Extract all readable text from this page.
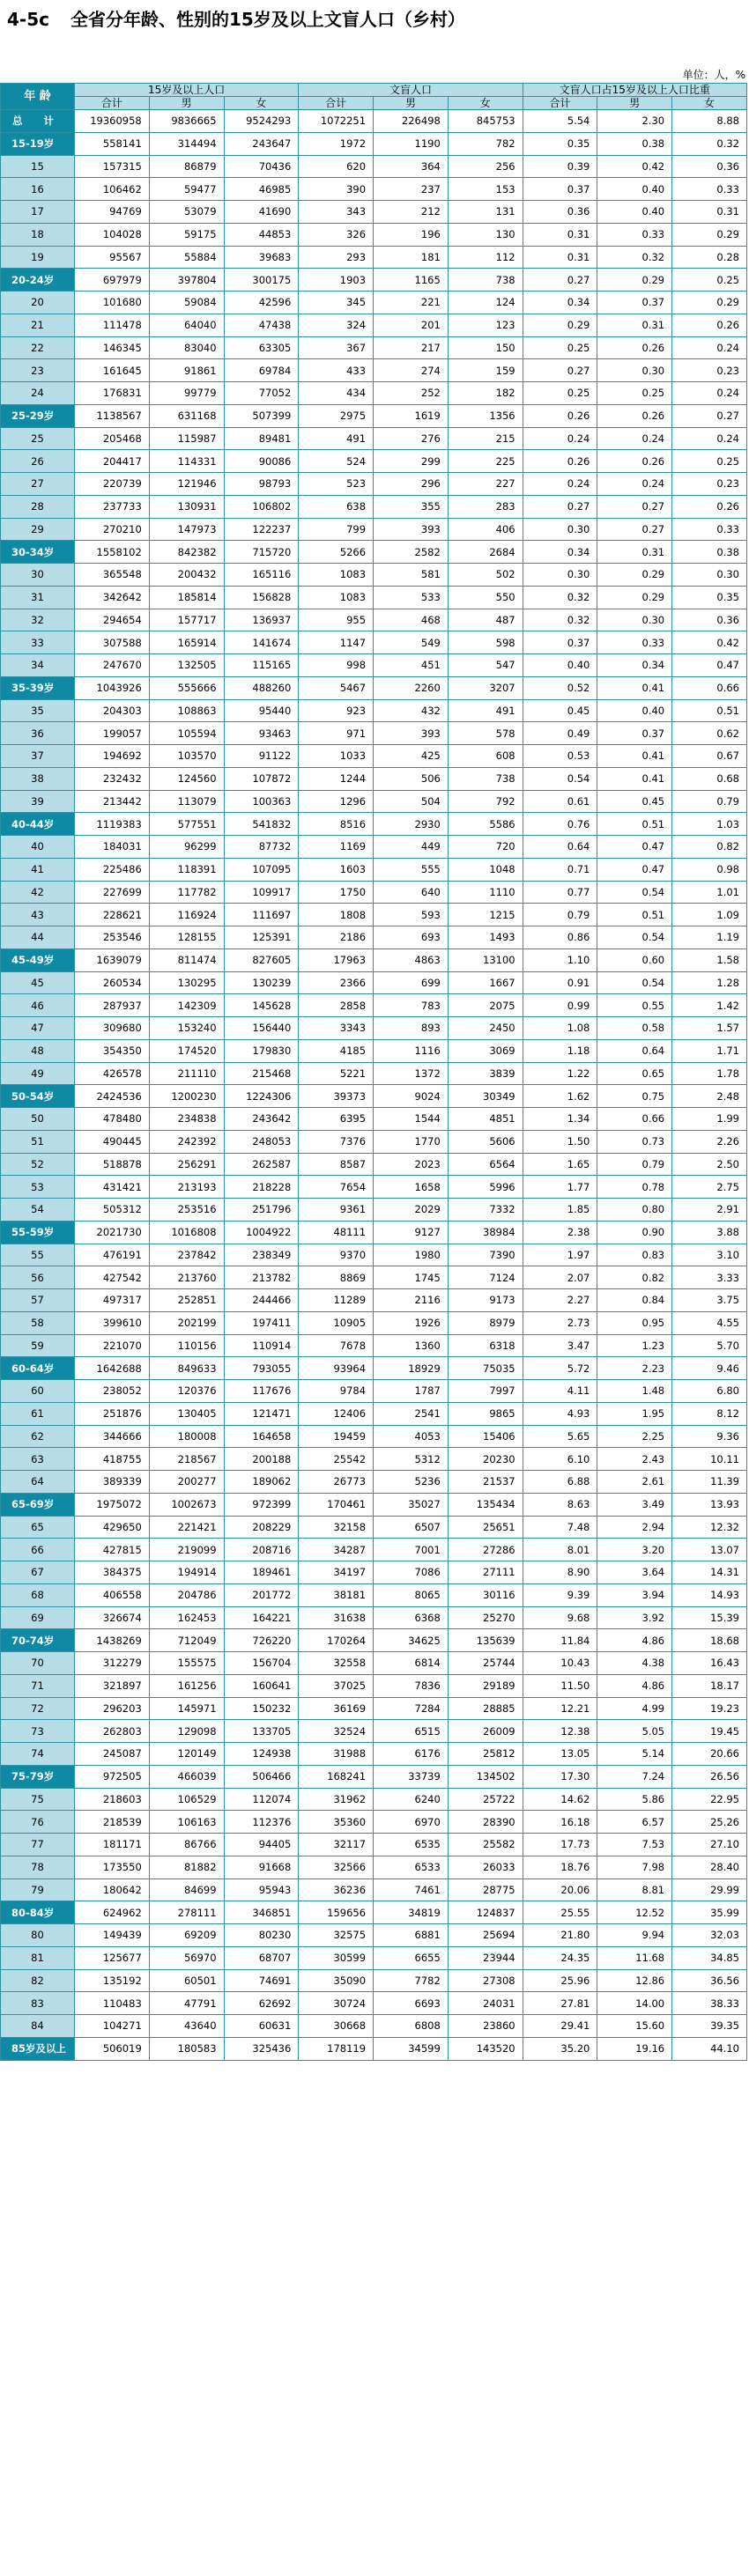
4-5c 全省分年龄、性别的15岁及以上文盲人口（乡村）
单位：人，%
年 龄	15岁及以上人口			文盲人口			文盲人口占15岁及以上人口比重		
	合计	男	女	合计	男	女	合计	男	女
总 计	19360958	9836665	9524293	1072251	226498	845753	5.54	2.30	8.88
15-19岁	558141	314494	243647	1972	1190	782	0.35	0.38	0.32
15	157315	86879	70436	620	364	256	0.39	0.42	0.36
16	106462	59477	46985	390	237	153	0.37	0.40	0.33
17	94769	53079	41690	343	212	131	0.36	0.40	0.31
18	104028	59175	44853	326	196	130	0.31	0.33	0.29
19	95567	55884	39683	293	181	112	0.31	0.32	0.28
20-24岁	697979	397804	300175	1903	1165	738	0.27	0.29	0.25
20	101680	59084	42596	345	221	124	0.34	0.37	0.29
21	111478	64040	47438	324	201	123	0.29	0.31	0.26
22	146345	83040	63305	367	217	150	0.25	0.26	0.24
23	161645	91861	69784	433	274	159	0.27	0.30	0.23
24	176831	99779	77052	434	252	182	0.25	0.25	0.24
25-29岁	1138567	631168	507399	2975	1619	1356	0.26	0.26	0.27
25	205468	115987	89481	491	276	215	0.24	0.24	0.24
26	204417	114331	90086	524	299	225	0.26	0.26	0.25
27	220739	121946	98793	523	296	227	0.24	0.24	0.23
28	237733	130931	106802	638	355	283	0.27	0.27	0.26
29	270210	147973	122237	799	393	406	0.30	0.27	0.33
30-34岁	1558102	842382	715720	5266	2582	2684	0.34	0.31	0.38
30	365548	200432	165116	1083	581	502	0.30	0.29	0.30
31	342642	185814	156828	1083	533	550	0.32	0.29	0.35
32	294654	157717	136937	955	468	487	0.32	0.30	0.36
33	307588	165914	141674	1147	549	598	0.37	0.33	0.42
34	247670	132505	115165	998	451	547	0.40	0.34	0.47
35-39岁	1043926	555666	488260	5467	2260	3207	0.52	0.41	0.66
35	204303	108863	95440	923	432	491	0.45	0.40	0.51
36	199057	105594	93463	971	393	578	0.49	0.37	0.62
37	194692	103570	91122	1033	425	608	0.53	0.41	0.67
38	232432	124560	107872	1244	506	738	0.54	0.41	0.68
39	213442	113079	100363	1296	504	792	0.61	0.45	0.79
40-44岁	1119383	577551	541832	8516	2930	5586	0.76	0.51	1.03
40	184031	96299	87732	1169	449	720	0.64	0.47	0.82
41	225486	118391	107095	1603	555	1048	0.71	0.47	0.98
42	227699	117782	109917	1750	640	1110	0.77	0.54	1.01
43	228621	116924	111697	1808	593	1215	0.79	0.51	1.09
44	253546	128155	125391	2186	693	1493	0.86	0.54	1.19
45-49岁	1639079	811474	827605	17963	4863	13100	1.10	0.60	1.58
45	260534	130295	130239	2366	699	1667	0.91	0.54	1.28
46	287937	142309	145628	2858	783	2075	0.99	0.55	1.42
47	309680	153240	156440	3343	893	2450	1.08	0.58	1.57
48	354350	174520	179830	4185	1116	3069	1.18	0.64	1.71
49	426578	211110	215468	5221	1372	3839	1.22	0.65	1.78
50-54岁	2424536	1200230	1224306	39373	9024	30349	1.62	0.75	2.48
50	478480	234838	243642	6395	1544	4851	1.34	0.66	1.99
51	490445	242392	248053	7376	1770	5606	1.50	0.73	2.26
52	518878	256291	262587	8587	2023	6564	1.65	0.79	2.50
53	431421	213193	218228	7654	1658	5996	1.77	0.78	2.75
54	505312	253516	251796	9361	2029	7332	1.85	0.80	2.91
55-59岁	2021730	1016808	1004922	48111	9127	38984	2.38	0.90	3.88
55	476191	237842	238349	9370	1980	7390	1.97	0.83	3.10
56	427542	213760	213782	8869	1745	7124	2.07	0.82	3.33
57	497317	252851	244466	11289	2116	9173	2.27	0.84	3.75
58	399610	202199	197411	10905	1926	8979	2.73	0.95	4.55
59	221070	110156	110914	7678	1360	6318	3.47	1.23	5.70
60-64岁	1642688	849633	793055	93964	18929	75035	5.72	2.23	9.46
60	238052	120376	117676	9784	1787	7997	4.11	1.48	6.80
61	251876	130405	121471	12406	2541	9865	4.93	1.95	8.12
62	344666	180008	164658	19459	4053	15406	5.65	2.25	9.36
63	418755	218567	200188	25542	5312	20230	6.10	2.43	10.11
64	389339	200277	189062	26773	5236	21537	6.88	2.61	11.39
65-69岁	1975072	1002673	972399	170461	35027	135434	8.63	3.49	13.93
65	429650	221421	208229	32158	6507	25651	7.48	2.94	12.32
66	427815	219099	208716	34287	7001	27286	8.01	3.20	13.07
67	384375	194914	189461	34197	7086	27111	8.90	3.64	14.31
68	406558	204786	201772	38181	8065	30116	9.39	3.94	14.93
69	326674	162453	164221	31638	6368	25270	9.68	3.92	15.39
70-74岁	1438269	712049	726220	170264	34625	135639	11.84	4.86	18.68
70	312279	155575	156704	32558	6814	25744	10.43	4.38	16.43
71	321897	161256	160641	37025	7836	29189	11.50	4.86	18.17
72	296203	145971	150232	36169	7284	28885	12.21	4.99	19.23
73	262803	129098	133705	32524	6515	26009	12.38	5.05	19.45
74	245087	120149	124938	31988	6176	25812	13.05	5.14	20.66
75-79岁	972505	466039	506466	168241	33739	134502	17.30	7.24	26.56
75	218603	106529	112074	31962	6240	25722	14.62	5.86	22.95
76	218539	106163	112376	35360	6970	28390	16.18	6.57	25.26
77	181171	86766	94405	32117	6535	25582	17.73	7.53	27.10
78	173550	81882	91668	32566	6533	26033	18.76	7.98	28.40
79	180642	84699	95943	36236	7461	28775	20.06	8.81	29.99
80-84岁	624962	278111	346851	159656	34819	124837	25.55	12.52	35.99
80	149439	69209	80230	32575	6881	25694	21.80	9.94	32.03
81	125677	56970	68707	30599	6655	23944	24.35	11.68	34.85
82	135192	60501	74691	35090	7782	27308	25.96	12.86	36.56
83	110483	47791	62692	30724	6693	24031	27.81	14.00	38.33
84	104271	43640	60631	30668	6808	23860	29.41	15.60	39.35
85岁及以上	506019	180583	325436	178119	34599	143520	35.20	19.16	44.10
